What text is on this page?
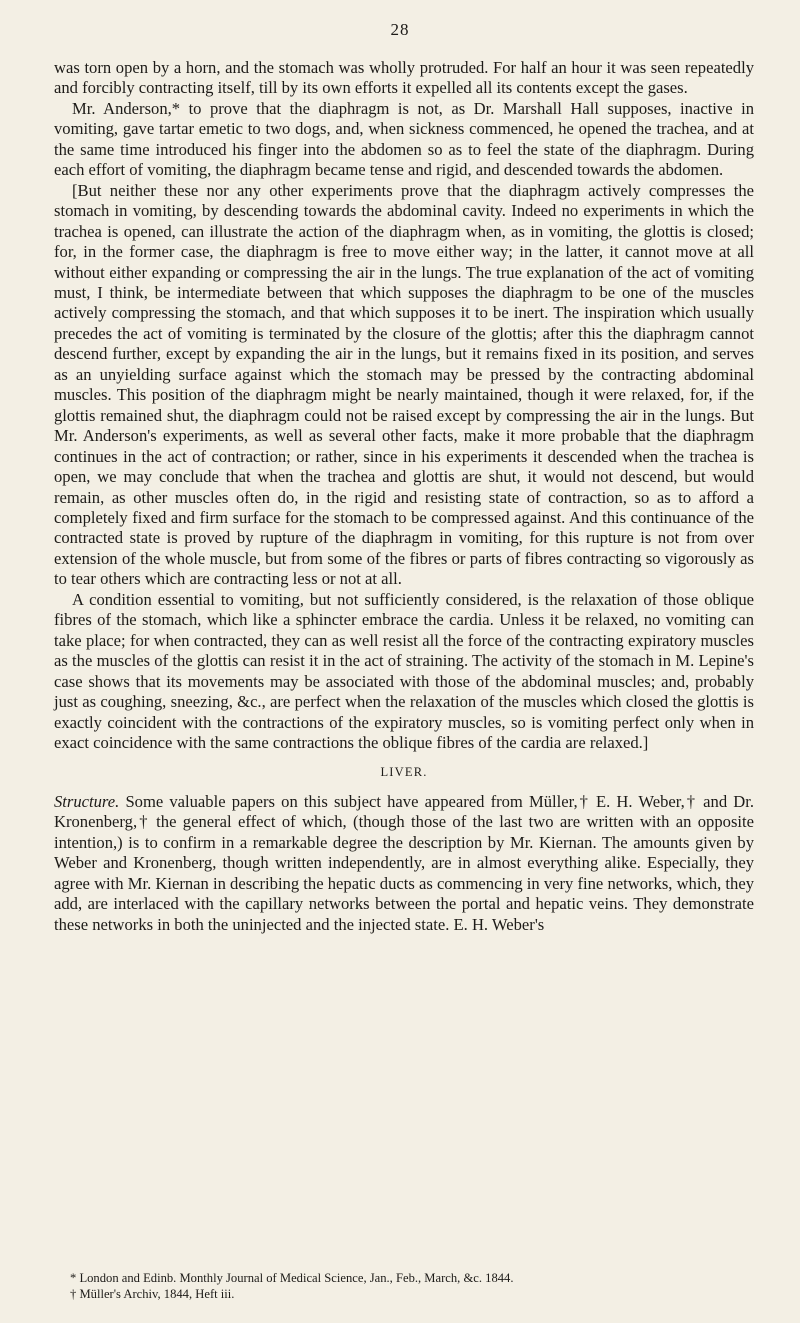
28

was torn open by a horn, and the stomach was wholly protruded. For half an hour it was seen repeatedly and forcibly contracting itself, till by its own efforts it expelled all its contents except the gases.

Mr. Anderson,* to prove that the diaphragm is not, as Dr. Marshall Hall supposes, inactive in vomiting, gave tartar emetic to two dogs, and, when sickness commenced, he opened the trachea, and at the same time introduced his finger into the abdomen so as to feel the state of the diaphragm. During each effort of vomiting, the diaphragm became tense and rigid, and descended towards the abdomen.

[But neither these nor any other experiments prove that the diaphragm actively compresses the stomach in vomiting, by descending towards the abdominal cavity. Indeed no experiments in which the trachea is opened, can illustrate the action of the diaphragm when, as in vomiting, the glottis is closed; for, in the former case, the diaphragm is free to move either way; in the latter, it cannot move at all without either expanding or compressing the air in the lungs. The true explanation of the act of vomiting must, I think, be intermediate between that which supposes the diaphragm to be one of the muscles actively compressing the stomach, and that which supposes it to be inert. The inspiration which usually precedes the act of vomiting is terminated by the closure of the glottis; after this the diaphragm cannot descend further, except by expanding the air in the lungs, but it remains fixed in its position, and serves as an unyielding surface against which the stomach may be pressed by the contracting abdominal muscles. This position of the diaphragm might be nearly maintained, though it were relaxed, for, if the glottis remained shut, the diaphragm could not be raised except by compressing the air in the lungs. But Mr. Anderson's experiments, as well as several other facts, make it more probable that the diaphragm continues in the act of contraction; or rather, since in his experiments it descended when the trachea is open, we may conclude that when the trachea and glottis are shut, it would not descend, but would remain, as other muscles often do, in the rigid and resisting state of contraction, so as to afford a completely fixed and firm surface for the stomach to be compressed against. And this continuance of the contracted state is proved by rupture of the diaphragm in vomiting, for this rupture is not from over extension of the whole muscle, but from some of the fibres or parts of fibres contracting so vigorously as to tear others which are contracting less or not at all.

A condition essential to vomiting, but not sufficiently considered, is the relaxation of those oblique fibres of the stomach, which like a sphincter embrace the cardia. Unless it be relaxed, no vomiting can take place; for when contracted, they can as well resist all the force of the contracting expiratory muscles as the muscles of the glottis can resist it in the act of straining. The activity of the stomach in M. Lepine's case shows that its movements may be associated with those of the abdominal muscles; and, probably just as coughing, sneezing, &c., are perfect when the relaxation of the muscles which closed the glottis is exactly coincident with the contractions of the expiratory muscles, so is vomiting perfect only when in exact coincidence with the same contractions the oblique fibres of the cardia are relaxed.]

LIVER.

Structure. Some valuable papers on this subject have appeared from Müller,† E. H. Weber,† and Dr. Kronenberg,† the general effect of which, (though those of the last two are written with an opposite intention,) is to confirm in a remarkable degree the description by Mr. Kiernan. The amounts given by Weber and Kronenberg, though written independently, are in almost everything alike. Especially, they agree with Mr. Kiernan in describing the hepatic ducts as commencing in very fine networks, which, they add, are interlaced with the capillary networks between the portal and hepatic veins. They demonstrate these networks in both the uninjected and the injected state. E. H. Weber's

* London and Edinb. Monthly Journal of Medical Science, Jan., Feb., March, &c. 1844.
† Müller's Archiv, 1844, Heft iii.
